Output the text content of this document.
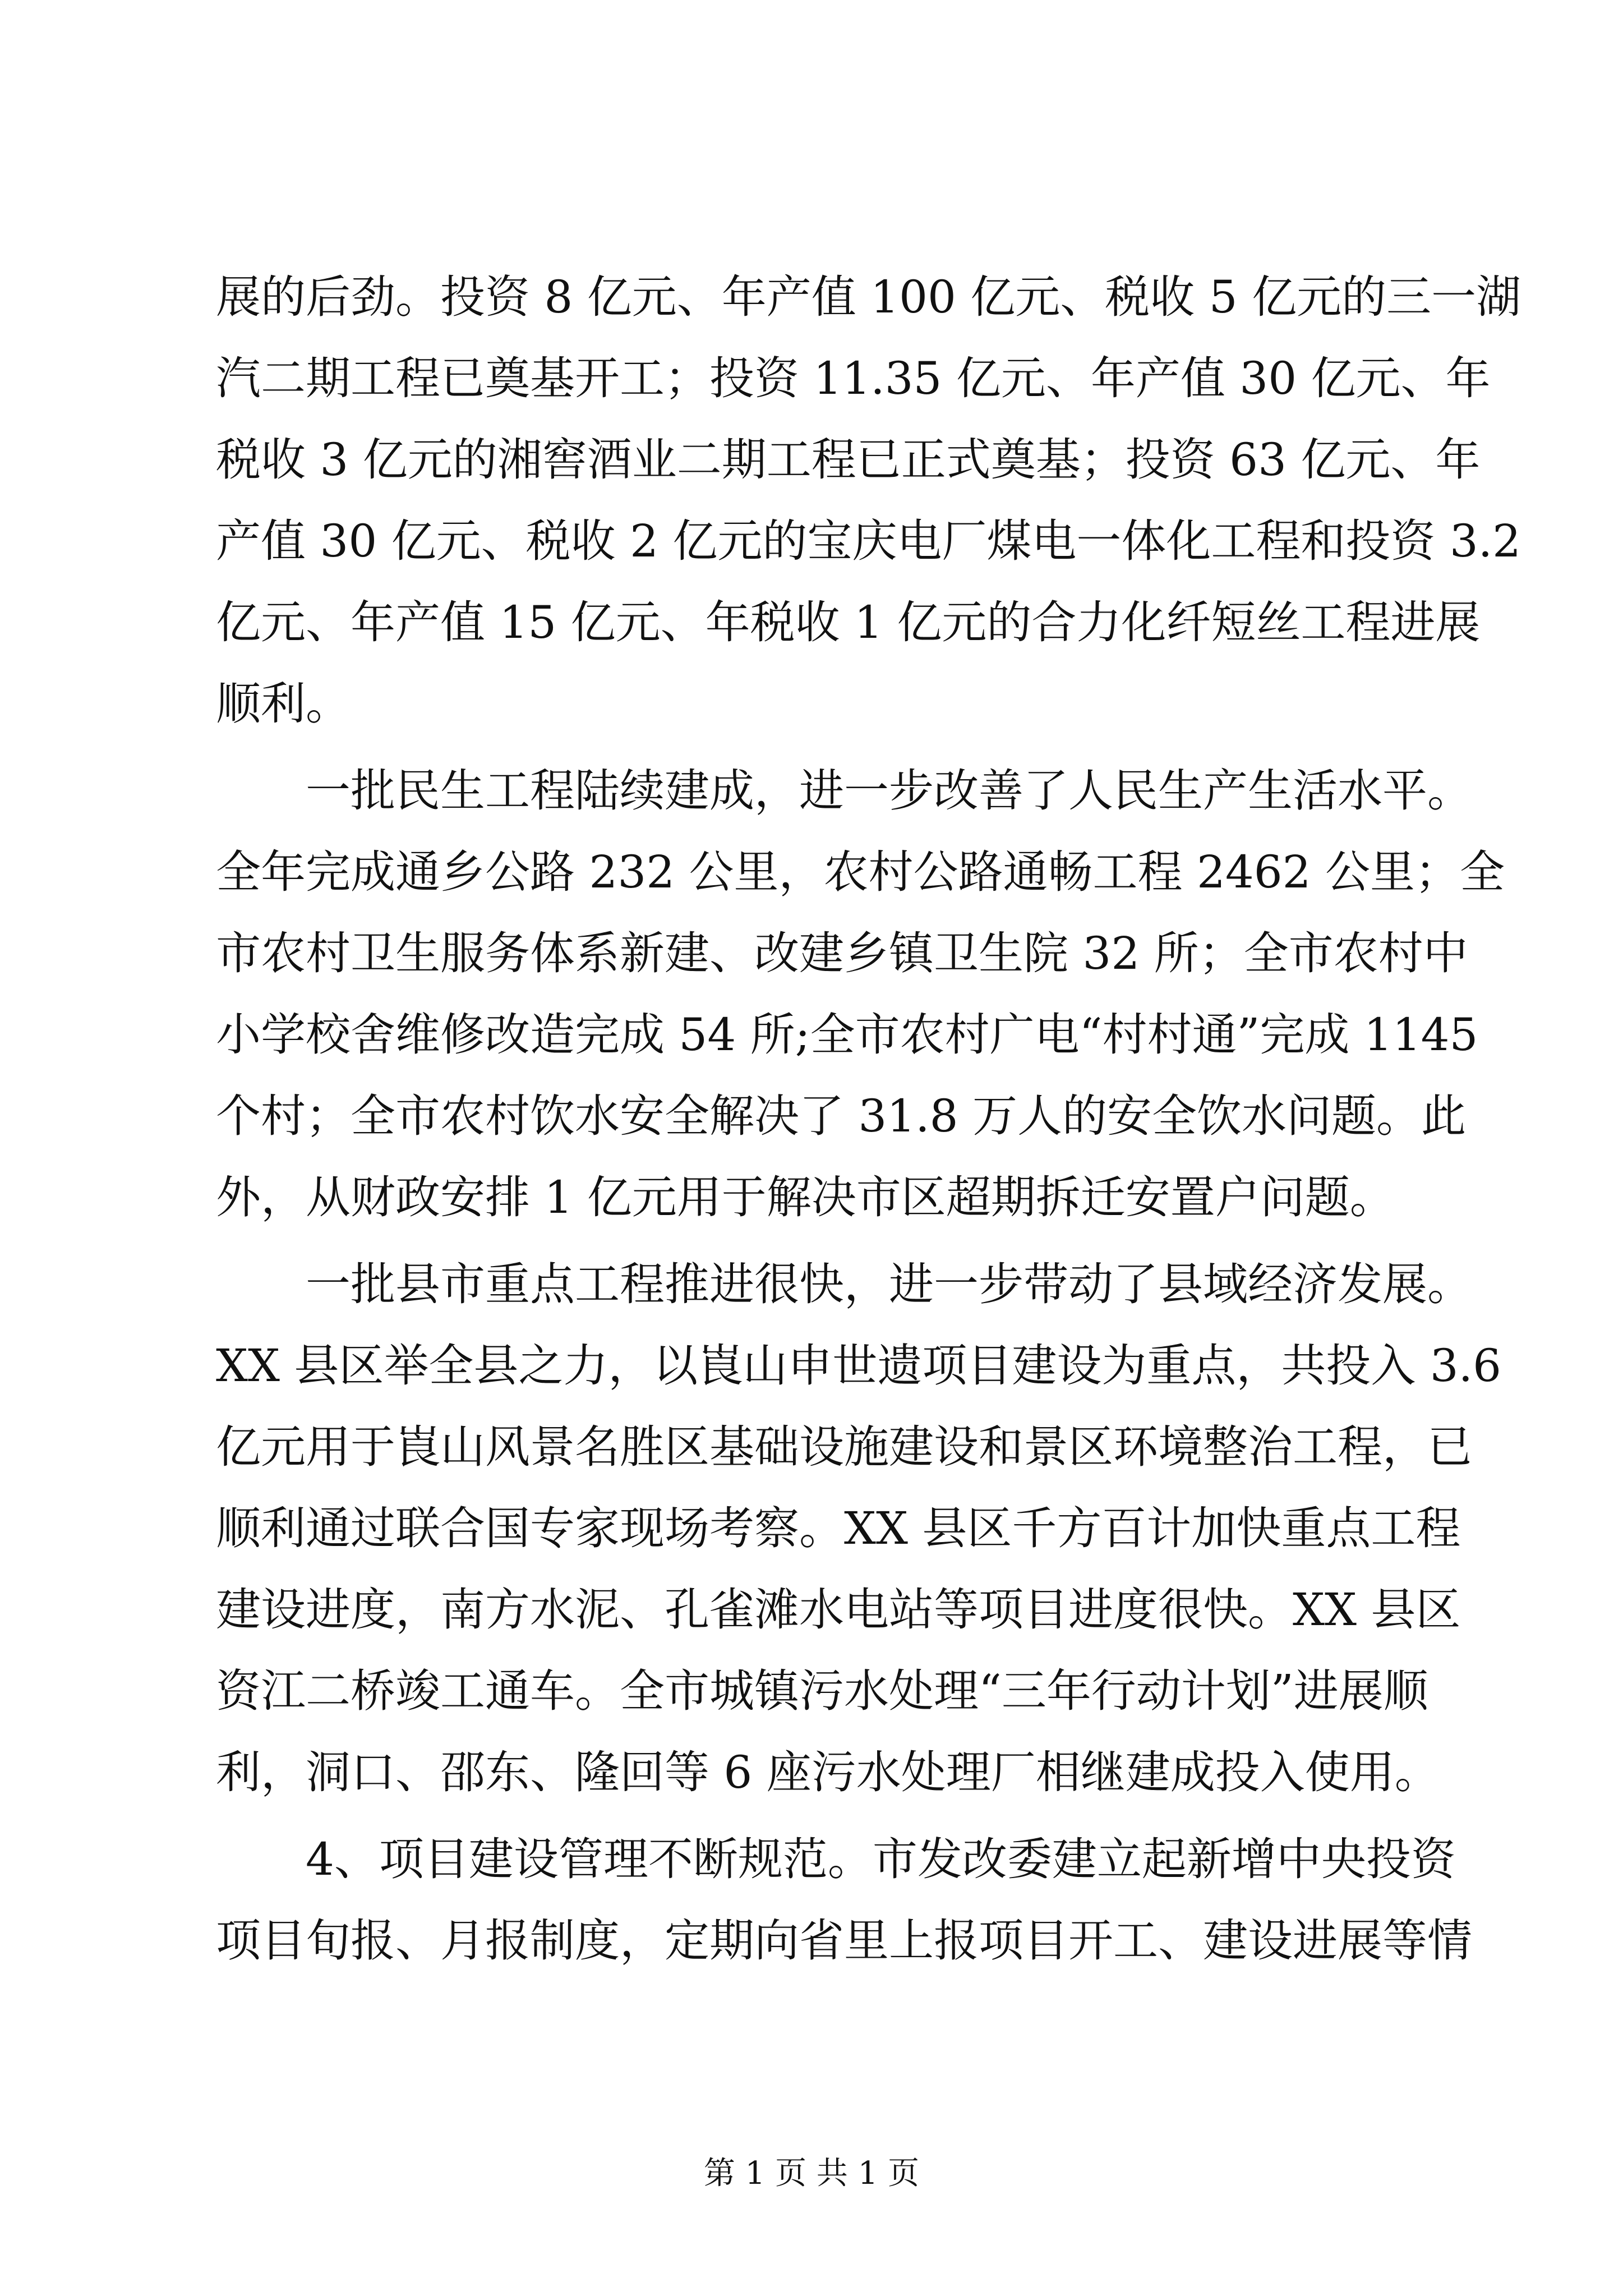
展的后劲。投资 8 亿元、年产值 100 亿元、税收 5 亿元的三一湖
汽二期工程已奠基开工；投资 11.35 亿元、年产值 30 亿元、年
税收 3 亿元的湘窖酒业二期工程已正式奠基；投资 63 亿元、年
产值 30 亿元、税收 2 亿元的宝庆电厂煤电一体化工程和投资 3.2
亿元、年产值 15 亿元、年税收 1 亿元的合力化纤短丝工程进展
顺利。
　　一批民生工程陆续建成，进一步改善了人民生产生活水平。
全年完成通乡公路 232 公里，农村公路通畅工程 2462 公里；全
市农村卫生服务体系新建、改建乡镇卫生院 32 所；全市农村中
小学校舍维修改造完成 54 所;全市农村广电“村村通”完成 1145
个村；全市农村饮水安全解决了 31.8 万人的安全饮水问题。此
外，从财政安排 1 亿元用于解决市区超期拆迁安置户问题。
　　一批县市重点工程推进很快，进一步带动了县域经济发展。
XX 县区举全县之力，以崀山申世遗项目建设为重点，共投入 3.6
亿元用于崀山风景名胜区基础设施建设和景区环境整治工程，已
顺利通过联合国专家现场考察。XX 县区千方百计加快重点工程
建设进度，南方水泥、孔雀滩水电站等项目进度很快。XX 县区
资江二桥竣工通车。全市城镇污水处理“三年行动计划”进展顺
利，洞口、邵东、隆回等 6 座污水处理厂相继建成投入使用。
　　4、项目建设管理不断规范。市发改委建立起新增中央投资
项目旬报、月报制度，定期向省里上报项目开工、建设进展等情
第 1 页 共 1 页
